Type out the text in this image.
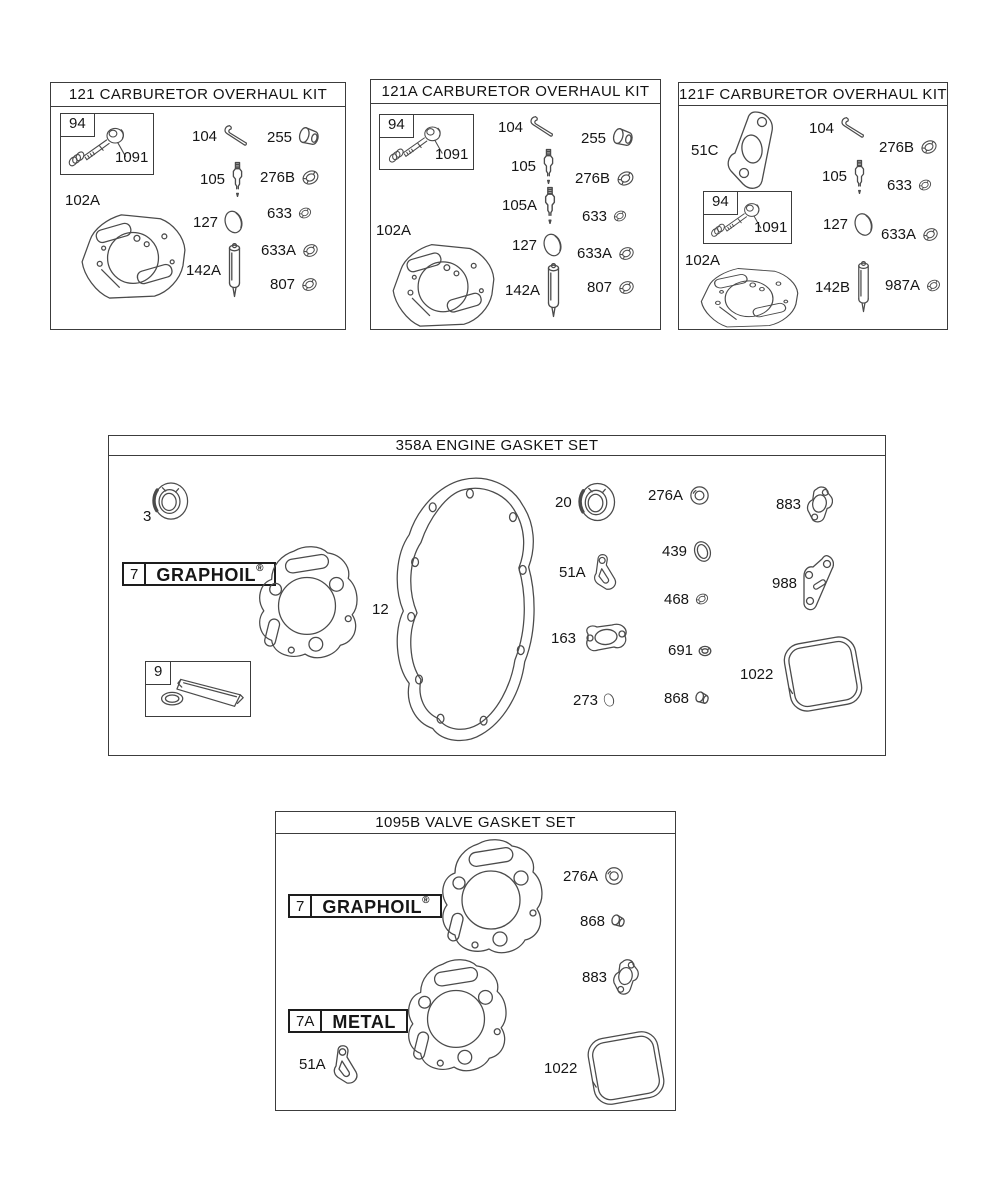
121 CARBURETOR OVERHAUL KIT
94
1091
104	255
105 276B
102A
633
127
633A
142A
807
121A CARBURETOR OVERHAUL KIT
94
1091
104
255
105
276B
105A
633
102A
127	633A
142A	807
121F CARBURETOR OVERHAUL KIT
51C
104
276B
105	633
94
1091 127
633A
102A
142B 987A
358A ENGINE GASKET SET
3
7	GRAPHOIL ®
9
12
20	276A
883
439
51A
988
468
163
691
1022
273	868
1095B VALVE GASKET SET
7	GRAPHOIL ®
276A
868
883
7A	METAL
51A	1022
